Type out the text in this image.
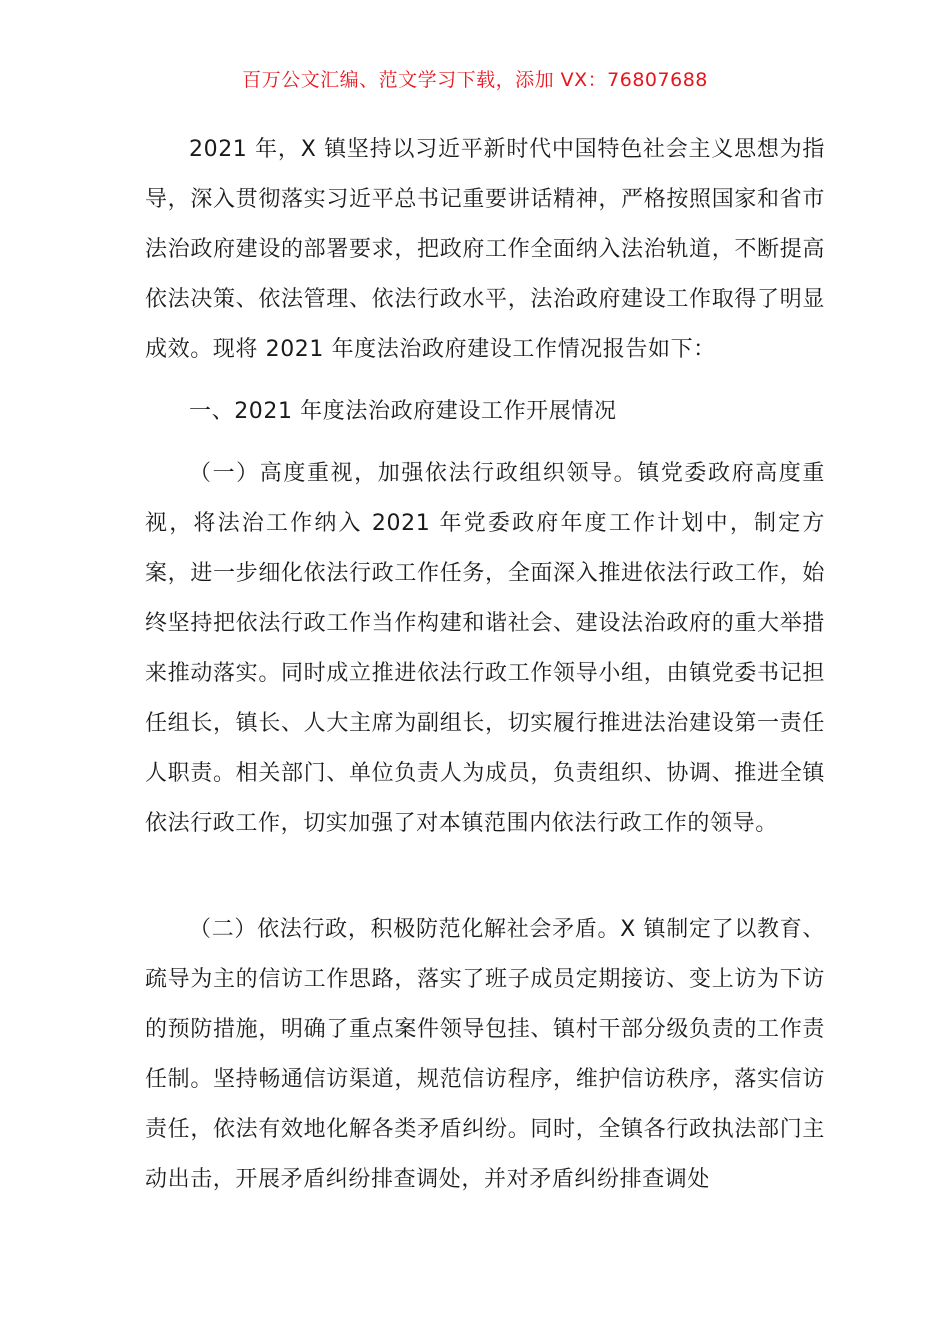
百万公文汇编、范文学习下载，添加 VX：76807688

2021 年，X 镇坚持以习近平新时代中国特色社会主义思想为指导，深入贯彻落实习近平总书记重要讲话精神，严格按照国家和省市法治政府建设的部署要求，把政府工作全面纳入法治轨道，不断提高依法决策、依法管理、依法行政水平，法治政府建设工作取得了明显成效。现将 2021 年度法治政府建设工作情况报告如下：

一、2021 年度法治政府建设工作开展情况

（一）高度重视，加强依法行政组织领导。镇党委政府高度重视，将法治工作纳入 2021 年党委政府年度工作计划中，制定方案，进一步细化依法行政工作任务，全面深入推进依法行政工作，始终坚持把依法行政工作当作构建和谐社会、建设法治政府的重大举措来推动落实。同时成立推进依法行政工作领导小组，由镇党委书记担任组长，镇长、人大主席为副组长，切实履行推进法治建设第一责任人职责。相关部门、单位负责人为成员，负责组织、协调、推进全镇依法行政工作，切实加强了对本镇范围内依法行政工作的领导。

（二）依法行政，积极防范化解社会矛盾。X 镇制定了以教育、疏导为主的信访工作思路，落实了班子成员定期接访、变上访为下访的预防措施，明确了重点案件领导包挂、镇村干部分级负责的工作责任制。坚持畅通信访渠道，规范信访程序，维护信访秩序，落实信访责任，依法有效地化解各类矛盾纠纷。同时，全镇各行政执法部门主动出击，开展矛盾纠纷排查调处，并对矛盾纠纷排查调处
